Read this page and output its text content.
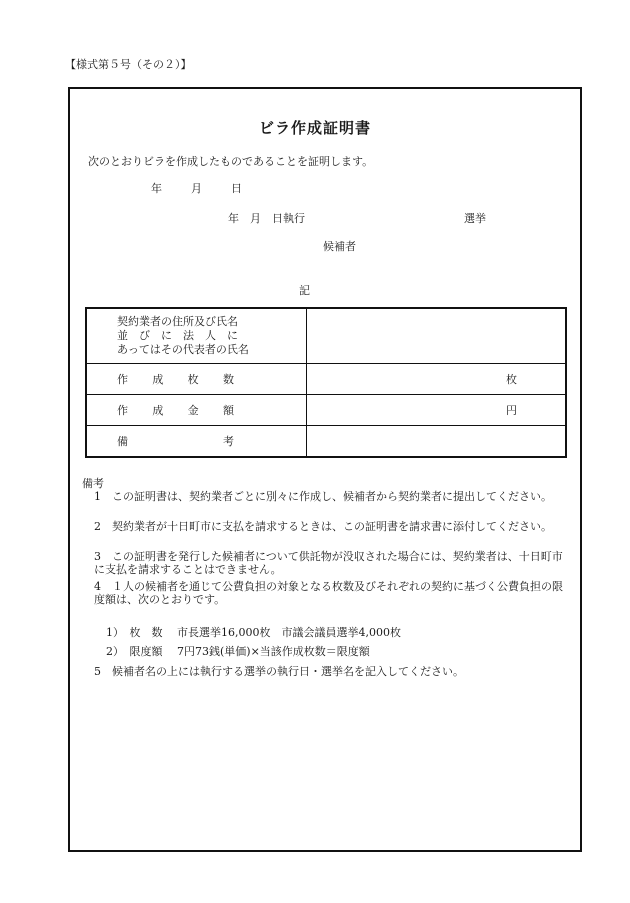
【様式第５号（その２）】
ビラ作成証明書
次のとおりビラを作成したものであることを証明します。
年	月	日
年　月　日執行	選挙
候補者
記
契約業者の住所及び氏名
並　び　に　法　人　に
あってはその代表者の氏名	

作成枚数	枚
作成金額	円
備考	
備考
1　この証明書は、契約業者ごとに別々に作成し、候補者から契約業者に提出してください。
2　契約業者が十日町市に支払を請求するときは、この証明書を請求書に添付してください。
3　この証明書を発行した候補者について供託物が没収された場合には、契約業者は、十日町市に支払を請求することはできません。
4　１人の候補者を通じて公費負担の対象となる枚数及びそれぞれの契約に基づく公費負担の限度額は、次のとおりです。
1）　枚　数　 市長選挙16,000枚　市議会議員選挙4,000枚
2）　限度額　 7円73銭(単価)×当該作成枚数＝限度額
5　候補者名の上には執行する選挙の執行日・選挙名を記入してください。
